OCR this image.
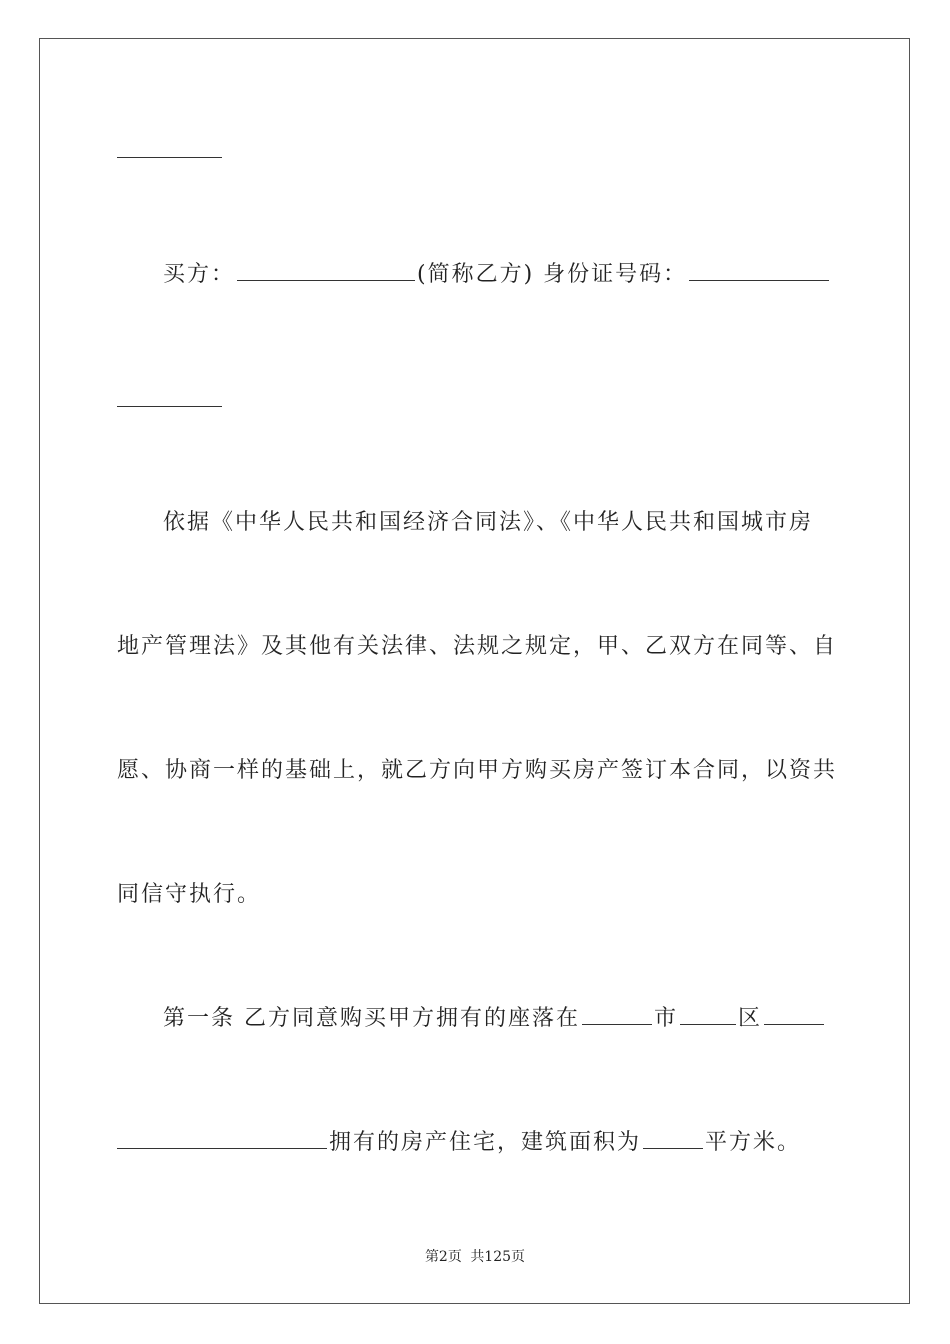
买方：	(简称乙方) 身份证号码：
依据《中华人民共和国经济合同法》、《中华人民共和国城市房
地产管理法》及其他有关法律、法规之规定，甲、乙双方在同等、自
愿、协商一样的基础上，就乙方向甲方购买房产签订本合同，以资共
同信守执行。
第一条 乙方同意购买甲方拥有的座落在	市	区
拥有的房产住宅，建筑面积为	平方米。
第2页 共125页
